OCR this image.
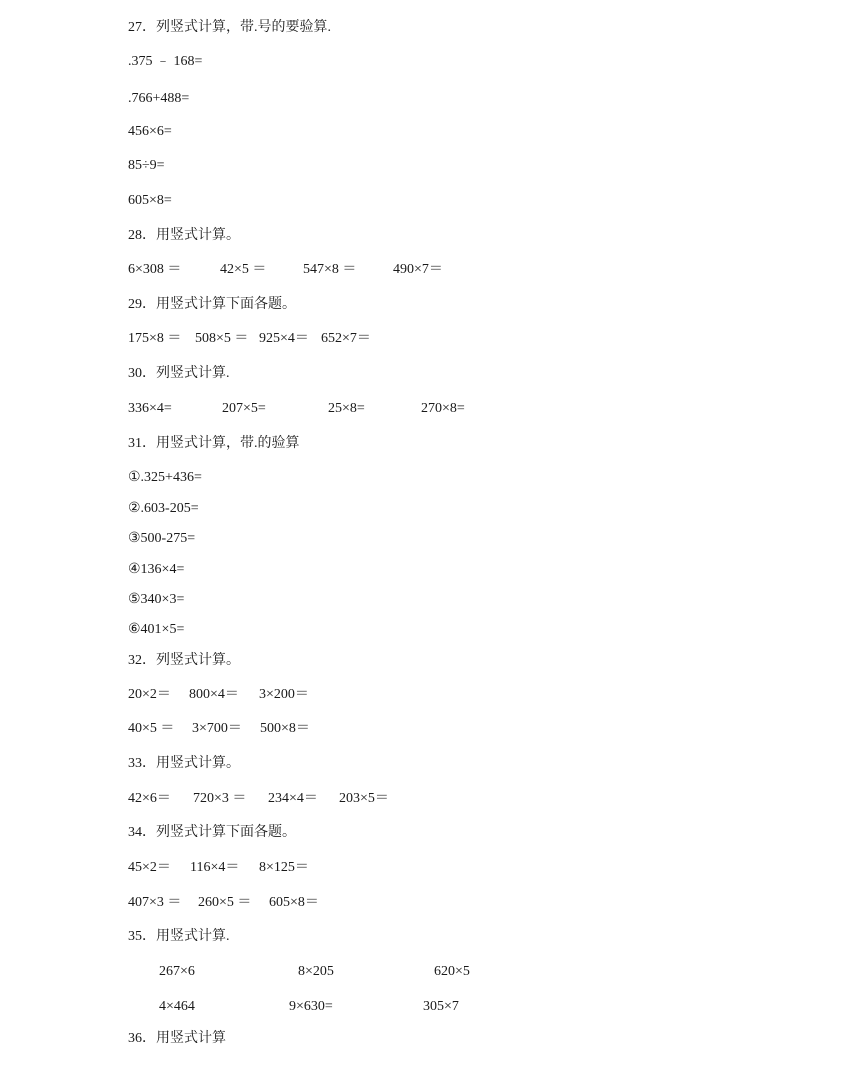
27．列竖式计算，带.号的要验算.
.375 ﹣ 168=
.766+488=
456×6=
85÷9=
605×8=
28．用竖式计算。
6×308 ＝	42×5 ＝	547×8 ＝	490×7＝
29．用竖式计算下面各题。
175×8 ＝ 508×5 ＝ 925×4＝ 652×7＝
30．列竖式计算.
336×4=	207×5=	25×8=	270×8=
31．用竖式计算，带.的验算
①.325+436=
②.603-205=
③500-275=
④136×4=
⑤340×3=
⑥401×5=
32．列竖式计算。
20×2＝ 800×4＝ 3×200＝
40×5 ＝ 3×700＝ 500×8＝
33．用竖式计算。
42×6＝ 720×3 ＝ 234×4＝ 203×5＝
34．列竖式计算下面各题。
45×2＝ 116×4＝ 8×125＝
407×3 ＝ 260×5 ＝ 605×8＝
35．用竖式计算.
267×6	8×205	620×5
4×464	9×630=	305×7
36．用竖式计算
